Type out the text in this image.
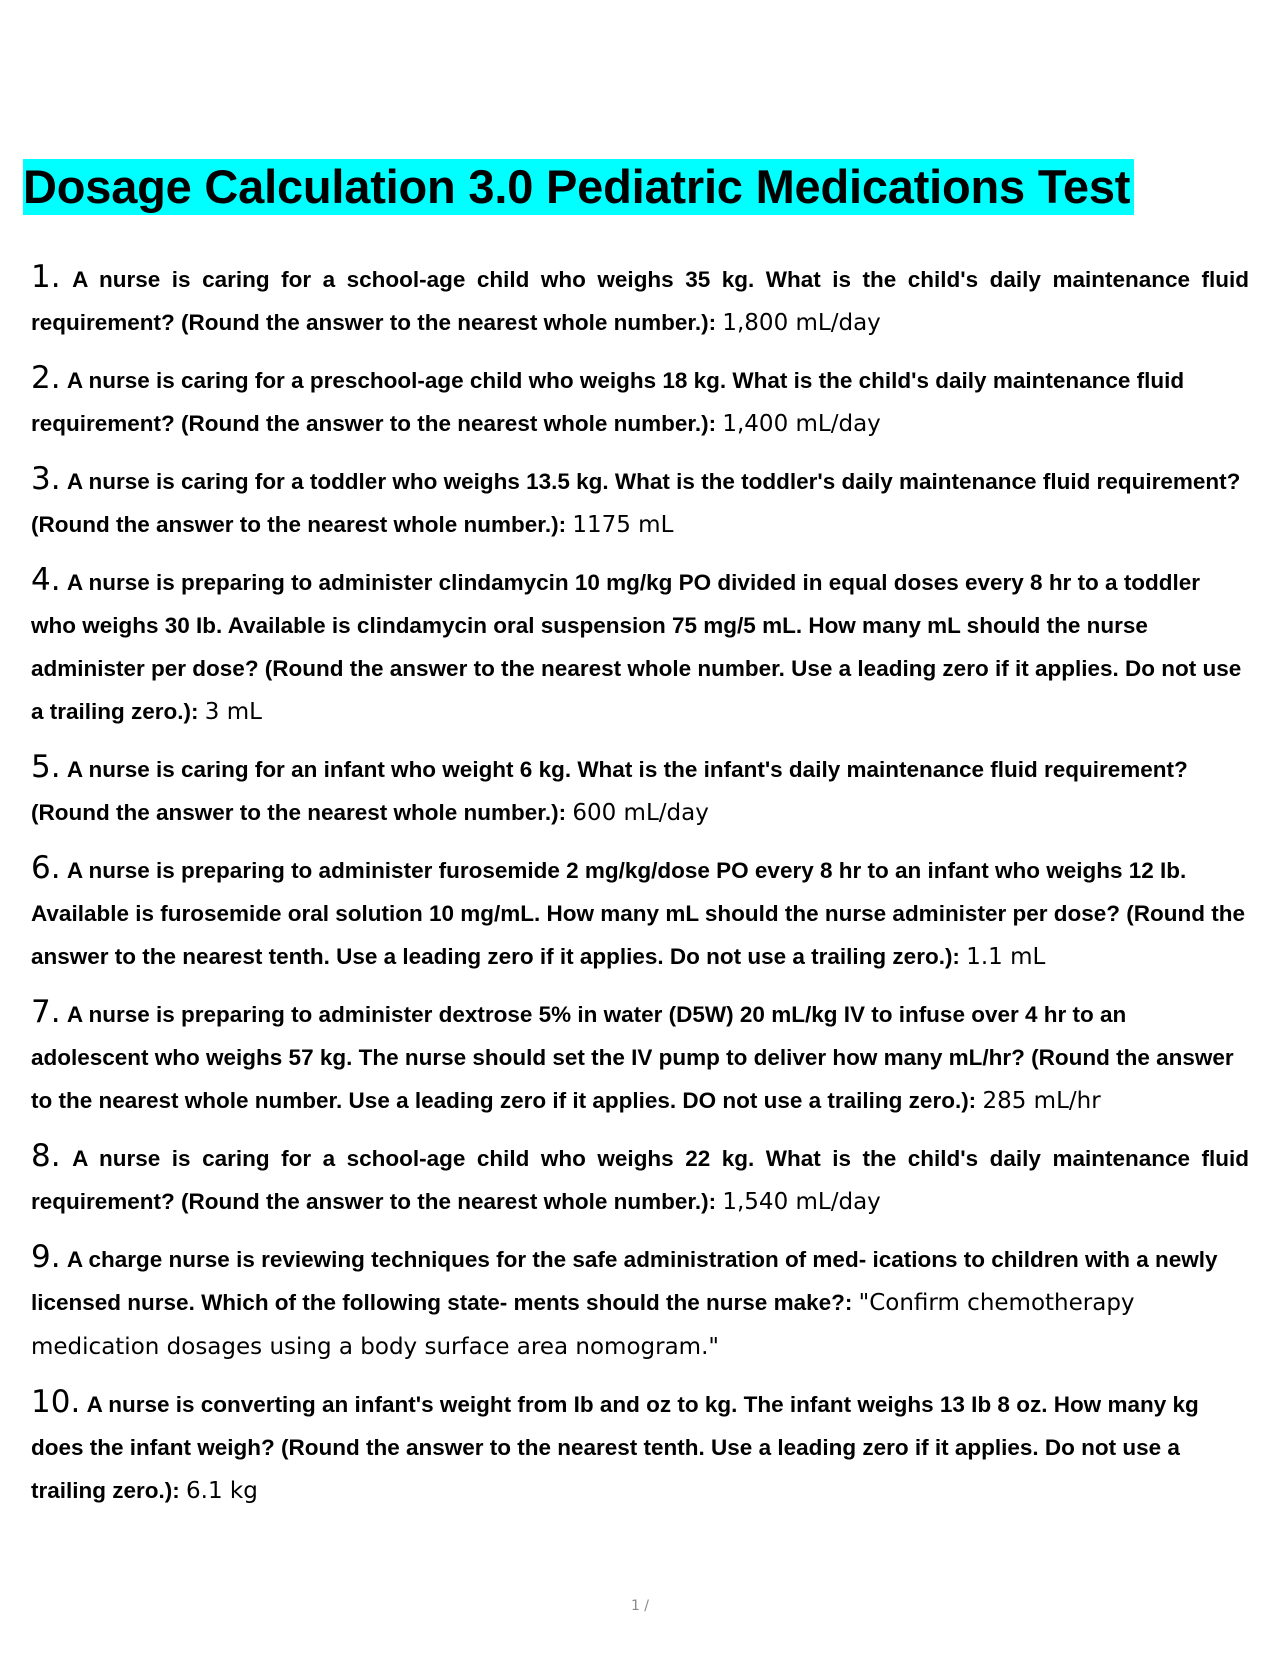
Dosage Calculation 3.0 Pediatric Medications Test

1. A nurse is caring for a school-age child who weighs 35 kg. What is the child's daily maintenance fluid requirement? (Round the answer to the nearest whole number.): 1,800 mL/day

2. A nurse is caring for a preschool-age child who weighs 18 kg. What is the child's daily maintenance fluid requirement? (Round the answer to the nearest whole number.): 1,400 mL/day

3. A nurse is caring for a toddler who weighs 13.5 kg. What is the toddler's daily maintenance fluid requirement? (Round the answer to the nearest whole number.): 1175 mL

4. A nurse is preparing to administer clindamycin 10 mg/kg PO divided in equal doses every 8 hr to a toddler who weighs 30 Ib. Available is clindamycin oral suspension 75 mg/5 mL. How many mL should the nurse administer per dose? (Round the answer to the nearest whole number. Use a leading zero if it applies. Do not use a trailing zero.): 3 mL

5. A nurse is caring for an infant who weight 6 kg. What is the infant's daily maintenance fluid requirement? (Round the answer to the nearest whole number.): 600 mL/day

6. A nurse is preparing to administer furosemide 2 mg/kg/dose PO every 8 hr to an infant who weighs 12 Ib. Available is furosemide oral solution 10 mg/mL. How many mL should the nurse administer per dose? (Round the answer to the nearest tenth. Use a leading zero if it applies. Do not use a trailing zero.): 1.1 mL

7. A nurse is preparing to administer dextrose 5% in water (D5W) 20 mL/kg IV to infuse over 4 hr to an adolescent who weighs 57 kg. The nurse should set the IV pump to deliver how many mL/hr? (Round the answer to the nearest whole number. Use a leading zero if it applies. DO not use a trailing zero.): 285 mL/hr

8. A nurse is caring for a school-age child who weighs 22 kg. What is the child's daily maintenance fluid requirement? (Round the answer to the nearest whole number.): 1,540 mL/day

9. A charge nurse is reviewing techniques for the safe administration of med- ications to children with a newly licensed nurse. Which of the following state- ments should the nurse make?: "Confirm chemotherapy medication dosages using a body surface area nomogram."

10. A nurse is converting an infant's weight from Ib and oz to kg. The infant weighs 13 Ib 8 oz. How many kg does the infant weigh? (Round the answer to the nearest tenth. Use a leading zero if it applies. Do not use a trailing zero.): 6.1 kg

1 /
